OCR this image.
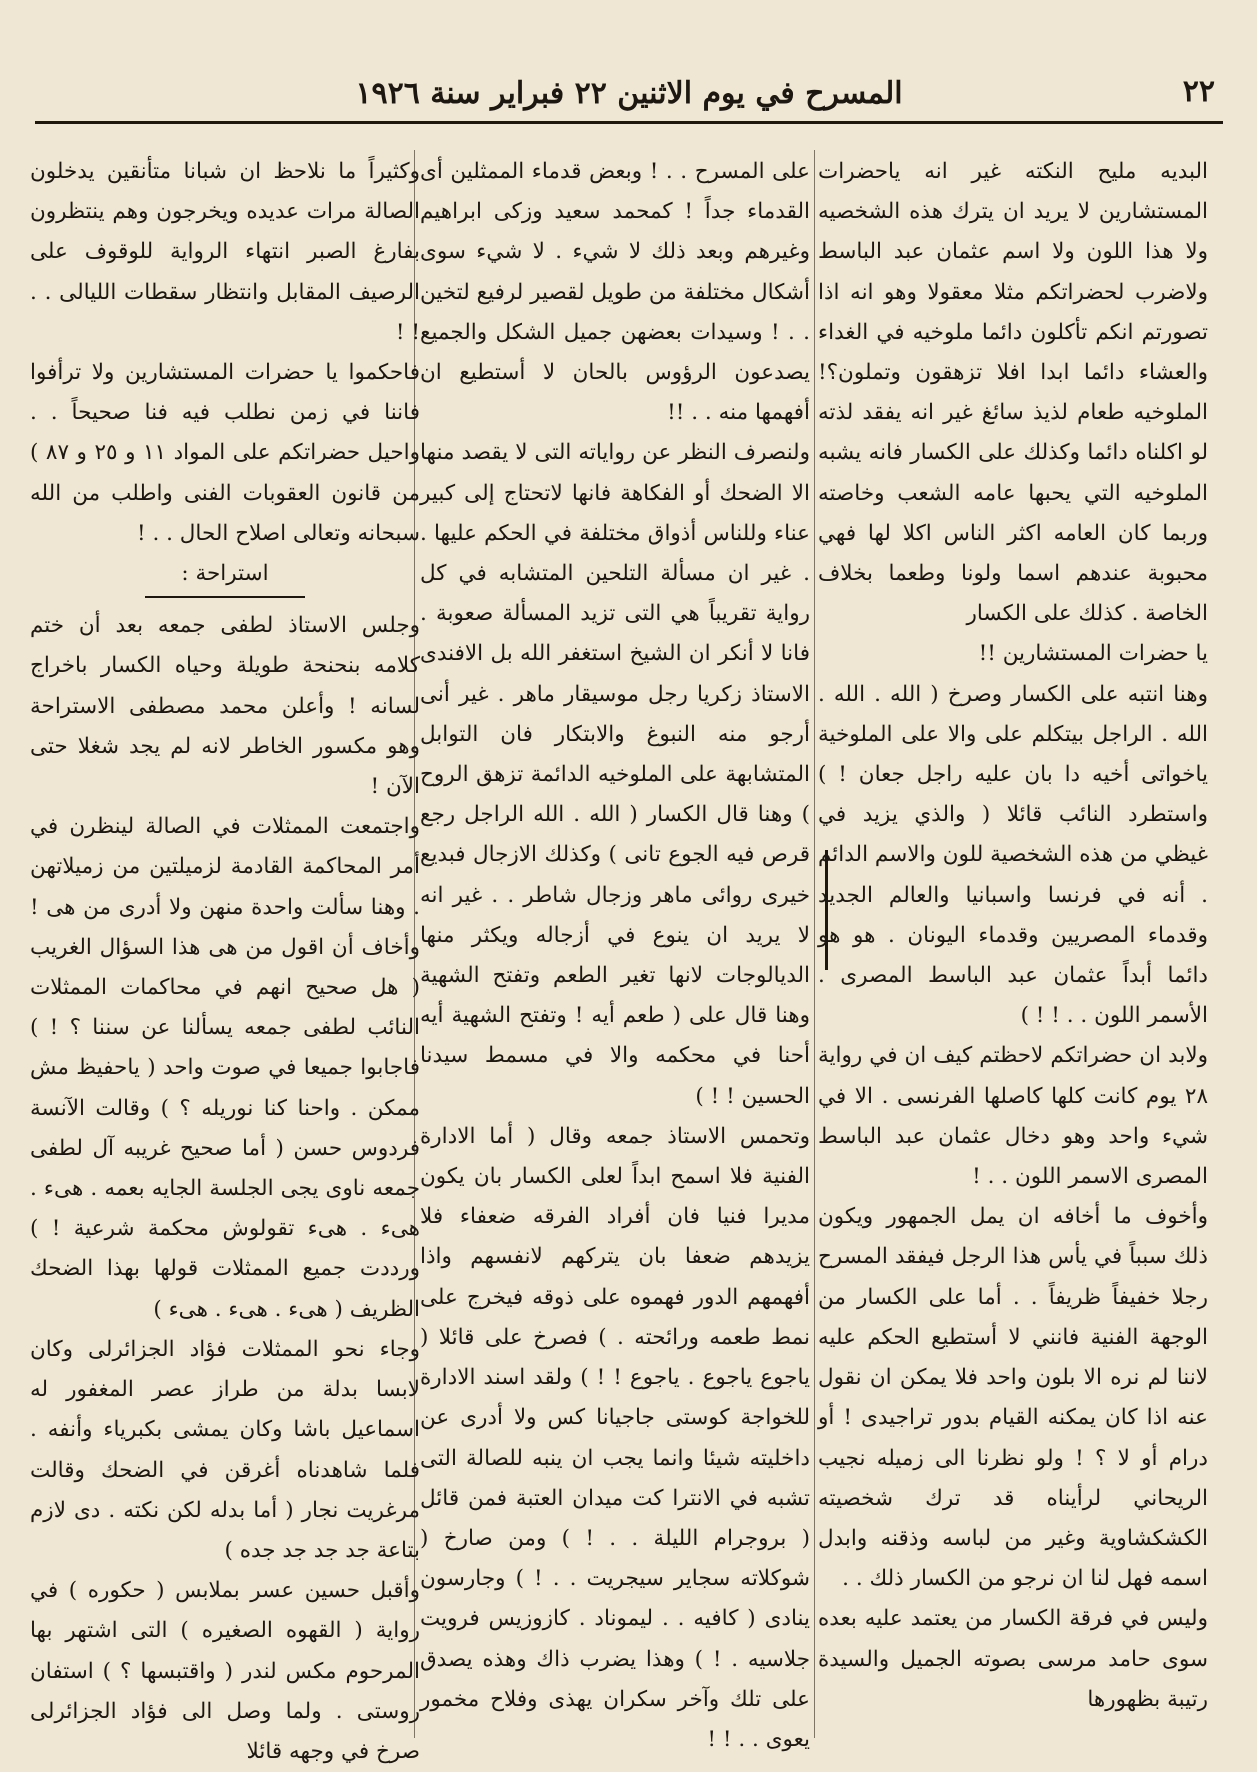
٢٢
المسرح في يوم الاثنين ٢٢ فبراير سنة ١٩٢٦

البديه مليح النكته غير انه ياحضرات المستشارين لا يريد ان يترك هذه الشخصيه ولا هذا اللون ولا اسم عثمان عبد الباسط ولاضرب لحضراتكم مثلا معقولا وهو انه اذا تصورتم انكم تأكلون دائما ملوخيه في الغداء والعشاء دائما ابدا افلا تزهقون وتملون؟! الملوخيه طعام لذيذ سائغ غير انه يفقد لذته لو اكلناه دائما وكذلك على الكسار فانه يشبه الملوخيه التي يحبها عامه الشعب وخاصته وربما كان العامه اكثر الناس اكلا لها فهي محبوبة عندهم اسما ولونا وطعما بخلاف الخاصة . كذلك على الكسار

يا حضرات المستشارين !!

وهنا انتبه على الكسار وصرخ ( الله . الله . الله . الراجل بيتكلم على والا على الملوخية ياخواتى أخيه دا بان عليه راجل جعان ! ) واستطرد النائب قائلا ( والذي يزيد في غيظي من هذه الشخصية للون والاسم الدائم . أنه في فرنسا واسبانيا والعالم الجديد وقدماء المصريين وقدماء اليونان . هو هو دائما أبداً عثمان عبد الباسط المصرى . الأسمر اللون . . ! ! )

ولابد ان حضراتكم لاحظتم كيف ان في رواية ٢٨ يوم كانت كلها كاصلها الفرنسى . الا في شيء واحد وهو دخال عثمان عبد الباسط المصرى الاسمر اللون . . !

وأخوف ما أخافه ان يمل الجمهور ويكون ذلك سبباً في يأس هذا الرجل فيفقد المسرح رجلا خفيفاً ظريفاً . . أما على الكسار من الوجهة الفنية فانني لا أستطيع الحكم عليه لاننا لم نره الا بلون واحد فلا يمكن ان نقول عنه اذا كان يمكنه القيام بدور تراجيدى ! أو درام أو لا ؟ ! ولو نظرنا الى زميله نجيب الريحاني لرأيناه قد ترك شخصيته الكشكشاوية وغير من لباسه وذقنه وابدل اسمه فهل لنا ان نرجو من الكسار ذلك . .

وليس في فرقة الكسار من يعتمد عليه بعده سوى حامد مرسى بصوته الجميل والسيدة رتيبة بظهورها

على المسرح . . ! وبعض قدماء الممثلين أى القدماء جداً ! كمحمد سعيد وزكى ابراهيم وغيرهم وبعد ذلك لا شيء . لا شيء سوى أشكال مختلفة من طويل لقصير لرفيع لتخين . . ! وسيدات بعضهن جميل الشكل والجميع يصدعون الرؤوس بالحان لا أستطيع ان أفهمها منه . . !!

ولنصرف النظر عن رواياته التى لا يقصد منها الا الضحك أو الفكاهة فانها لاتحتاج إلى كبير عناء وللناس أذواق مختلفة في الحكم عليها . . غير ان مسألة التلحين المتشابه في كل رواية تقريباً هي التى تزيد المسألة صعوبة . فانا لا أنكر ان الشيخ استغفر الله بل الافندى الاستاذ زكريا رجل موسيقار ماهر . غير أنى أرجو منه النبوغ والابتكار فان التوابل المتشابهة على الملوخيه الدائمة تزهق الروح ) وهنا قال الكسار ( الله . الله الراجل رجع قرص فيه الجوع تانى ) وكذلك الازجال فبديع خيرى روائى ماهر وزجال شاطر . . غير انه لا يريد ان ينوع في أزجاله ويكثر منها الديالوجات لانها تغير الطعم وتفتح الشهية وهنا قال على ( طعم أيه ! وتفتح الشهية أيه أحنا في محكمه والا في مسمط سيدنا الحسين ! ! )

وتحمس الاستاذ جمعه وقال ( أما الادارة الفنية فلا اسمح ابداً لعلى الكسار بان يكون مديرا فنيا فان أفراد الفرقه ضعفاء فلا يزيدهم ضعفا بان يتركهم لانفسهم واذا أفهمهم الدور فهموه على ذوقه فيخرج على نمط طعمه ورائحته . ) فصرخ على قائلا ( ياجوع ياجوع . ياجوع ! ! ) ولقد اسند الادارة للخواجة كوستى جاجيانا كس ولا أدرى عن داخليته شيئا وانما يجب ان ينبه للصالة التى تشبه في الانترا كت ميدان العتبة فمن قائل ( بروجرام الليلة . . ! ) ومن صارخ ( شوكلاته سجاير سيجريت . . ! ) وجارسون ينادى ( كافيه . . ليموناد . كازوزيس فرويت جلاسيه . ! ) وهذا يضرب ذاك وهذه يصدق على تلك وآخر سكران يهذى وفلاح مخمور يعوى . . ! !

وكثيراً ما نلاحظ ان شبانا متأنقين يدخلون الصالة مرات عديده ويخرجون وهم ينتظرون بفارغ الصبر انتهاء الرواية للوقوف على الرصيف المقابل وانتظار سقطات الليالى . . ! !

فاحكموا يا حضرات المستشارين ولا ترأفوا فاننا في زمن نطلب فيه فنا صحيحاً . . واحيل حضراتكم على المواد ١١ و ٢٥ و ٨٧ ) من قانون العقوبات الفنى واطلب من الله سبحانه وتعالى اصلاح الحال . . !

استراحة :

وجلس الاستاذ لطفى جمعه بعد أن ختم كلامه بنحنحة طويلة وحياه الكسار باخراج لسانه ! وأعلن محمد مصطفى الاستراحة وهو مكسور الخاطر لانه لم يجد شغلا حتى الآن !

واجتمعت الممثلات في الصالة لينظرن في أمر المحاكمة القادمة لزميلتين من زميلاتهن . وهنا سألت واحدة منهن ولا أدرى من هى ! وأخاف أن اقول من هى هذا السؤال الغريب ( هل صحيح انهم في محاكمات الممثلات النائب لطفى جمعه يسألنا عن سننا ؟ ! ) فاجابوا جميعا في صوت واحد ( ياحفيظ مش ممكن . واحنا كنا نوريله ؟ ) وقالت الآنسة فردوس حسن ( أما صحيح غريبه آل لطفى جمعه ناوى يجى الجلسة الجايه بعمه . هىء . هىء . هىء تقولوش محكمة شرعية ! ) ورددت جميع الممثلات قولها بهذا الضحك الظريف ( هىء . هىء . هىء )

وجاء نحو الممثلات فؤاد الجزائرلى وكان لابسا بدلة من طراز عصر المغفور له اسماعيل باشا وكان يمشى بكبرياء وأنفه . فلما شاهدناه أغرقن في الضحك وقالت مرغريت نجار ( أما بدله لكن نكته . دى لازم بتاعة جد جد جد جده )

وأقبل حسين عسر بملابس ( حكوره ) في رواية ( القهوه الصغيره ) التى اشتهر بها المرحوم مكس لندر ( واقتبسها ؟ ) استفان روستى . ولما وصل الى فؤاد الجزائرلى صرخ في وجهه قائلا
